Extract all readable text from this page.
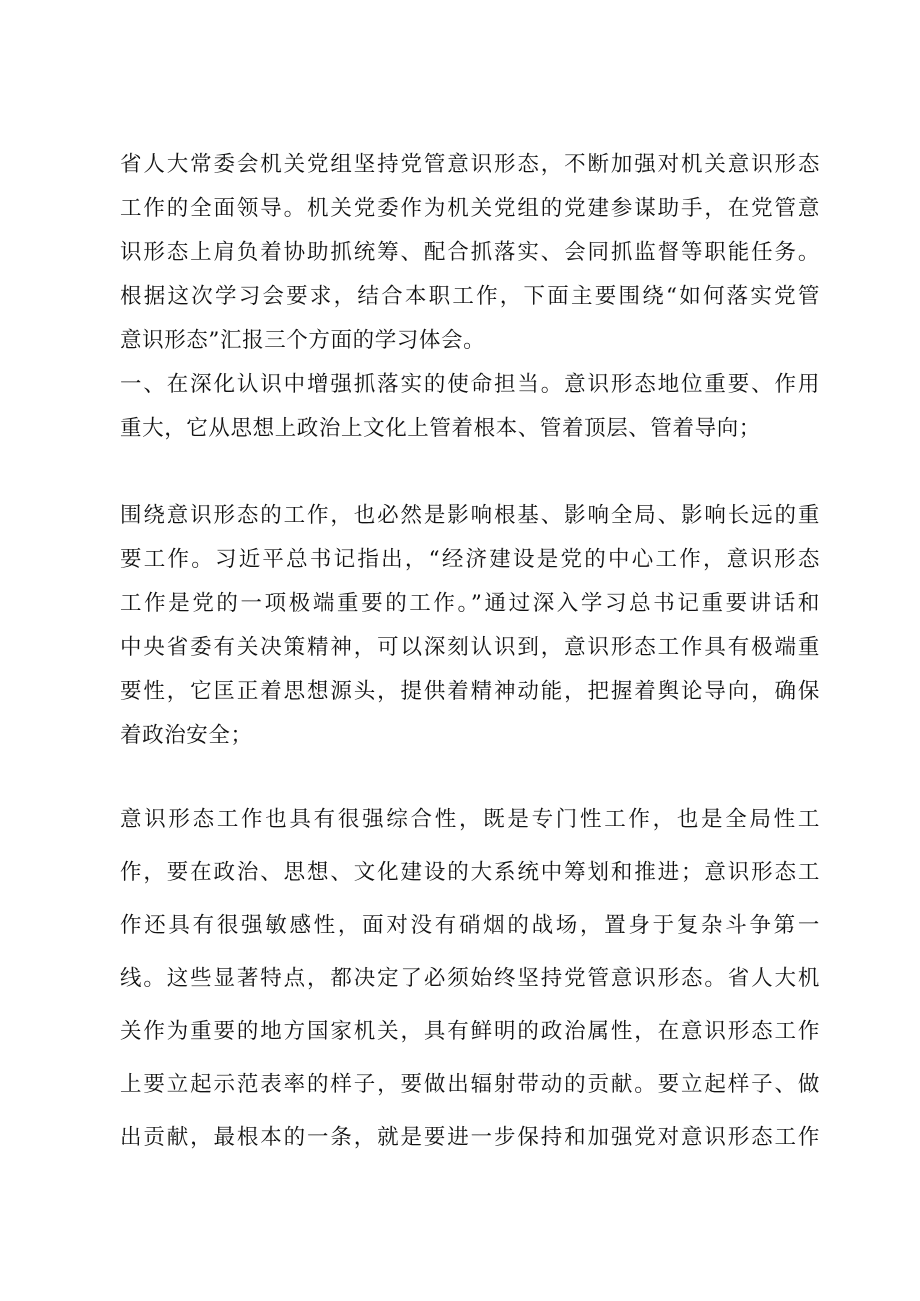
省人大常委会机关党组坚持党管意识形态，不断加强对机关意识形态
工作的全面领导。机关党委作为机关党组的党建参谋助手，在党管意
识形态上肩负着协助抓统筹、配合抓落实、会同抓监督等职能任务。
根据这次学习会要求，结合本职工作，下面主要围绕“如何落实党管
意识形态”汇报三个方面的学习体会。
一、在深化认识中增强抓落实的使命担当。意识形态地位重要、作用
重大，它从思想上政治上文化上管着根本、管着顶层、管着导向；
围绕意识形态的工作，也必然是影响根基、影响全局、影响长远的重
要工作。习近平总书记指出，“经济建设是党的中心工作，意识形态
工作是党的一项极端重要的工作。”通过深入学习总书记重要讲话和
中央省委有关决策精神，可以深刻认识到，意识形态工作具有极端重
要性，它匡正着思想源头，提供着精神动能，把握着舆论导向，确保
着政治安全；
意识形态工作也具有很强综合性，既是专门性工作，也是全局性工
作，要在政治、思想、文化建设的大系统中筹划和推进；意识形态工
作还具有很强敏感性，面对没有硝烟的战场，置身于复杂斗争第一
线。这些显著特点，都决定了必须始终坚持党管意识形态。省人大机
关作为重要的地方国家机关，具有鲜明的政治属性，在意识形态工作
上要立起示范表率的样子，要做出辐射带动的贡献。要立起样子、做
出贡献，最根本的一条，就是要进一步保持和加强党对意识形态工作
